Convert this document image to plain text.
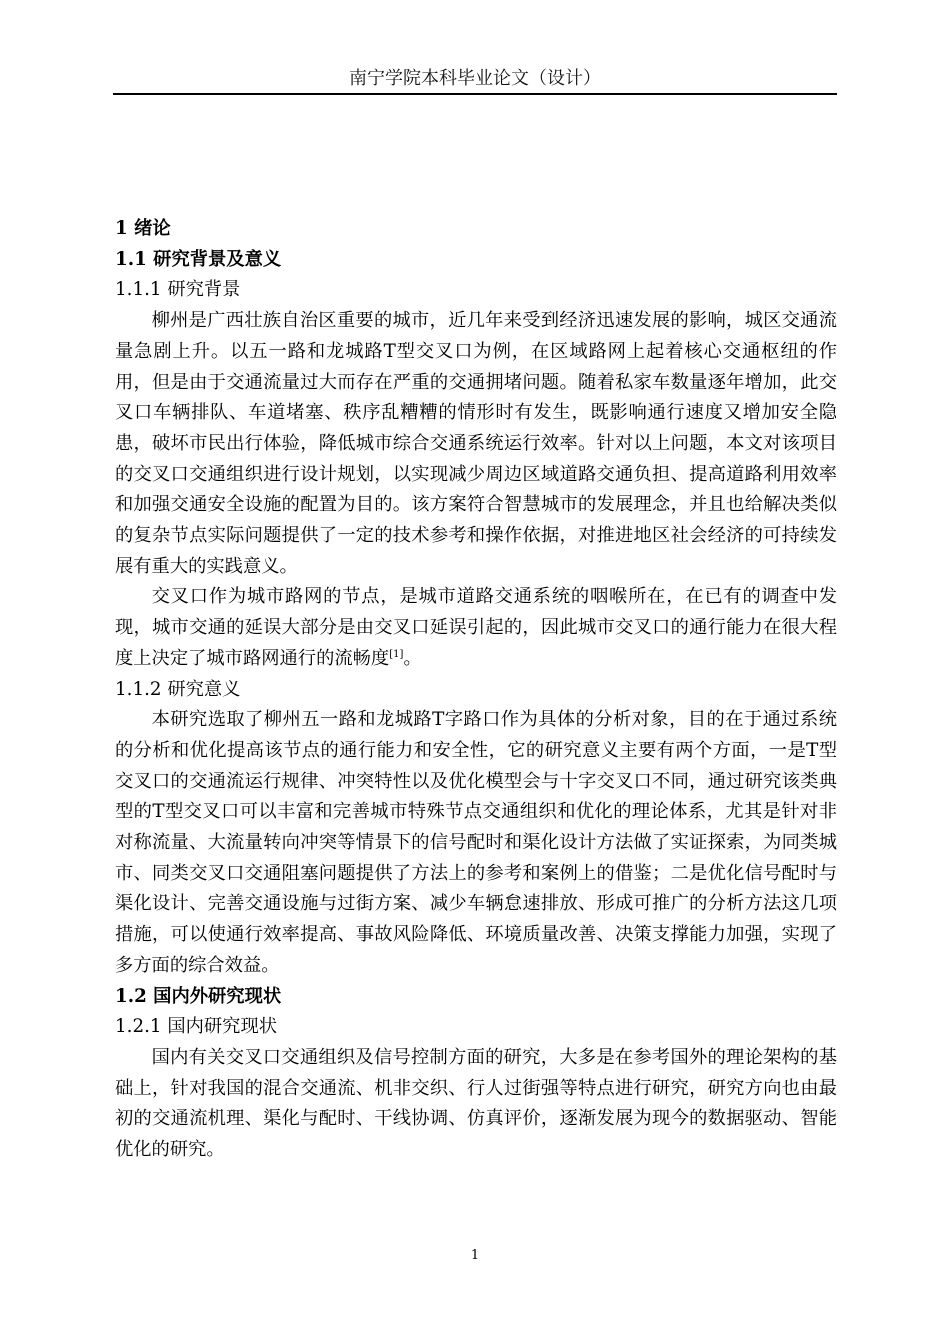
南宁学院本科毕业论文（设计）
1 绪论
1.1 研究背景及意义
1.1.1 研究背景

柳州是广西壮族自治区重要的城市，近几年来受到经济迅速发展的影响，城区交通流量急剧上升。以五一路和龙城路T型交叉口为例，在区域路网上起着核心交通枢纽的作用，但是由于交通流量过大而存在严重的交通拥堵问题。随着私家车数量逐年增加，此交叉口车辆排队、车道堵塞、秩序乱糟糟的情形时有发生，既影响通行速度又增加安全隐患，破坏市民出行体验，降低城市综合交通系统运行效率。针对以上问题，本文对该项目的交叉口交通组织进行设计规划，以实现减少周边区域道路交通负担、提高道路利用效率和加强交通安全设施的配置为目的。该方案符合智慧城市的发展理念，并且也给解决类似的复杂节点实际问题提供了一定的技术参考和操作依据，对推进地区社会经济的可持续发展有重大的实践意义。

交叉口作为城市路网的节点，是城市道路交通系统的咽喉所在，在已有的调查中发现，城市交通的延误大部分是由交叉口延误引起的，因此城市交叉口的通行能力在很大程度上决定了城市路网通行的流畅度[1]。

1.1.2 研究意义

本研究选取了柳州五一路和龙城路T字路口作为具体的分析对象，目的在于通过系统的分析和优化提高该节点的通行能力和安全性，它的研究意义主要有两个方面，一是T型交叉口的交通流运行规律、冲突特性以及优化模型会与十字交叉口不同，通过研究该类典型的T型交叉口可以丰富和完善城市特殊节点交通组织和优化的理论体系，尤其是针对非对称流量、大流量转向冲突等情景下的信号配时和渠化设计方法做了实证探索，为同类城市、同类交叉口交通阻塞问题提供了方法上的参考和案例上的借鉴；二是优化信号配时与渠化设计、完善交通设施与过街方案、减少车辆怠速排放、形成可推广的分析方法这几项措施，可以使通行效率提高、事故风险降低、环境质量改善、决策支撑能力加强，实现了多方面的综合效益。

1.2 国内外研究现状
1.2.1 国内研究现状

国内有关交叉口交通组织及信号控制方面的研究，大多是在参考国外的理论架构的基础上，针对我国的混合交通流、机非交织、行人过街强等特点进行研究，研究方向也由最初的交通流机理、渠化与配时、干线协调、仿真评价，逐渐发展为现今的数据驱动、智能优化的研究。

1
